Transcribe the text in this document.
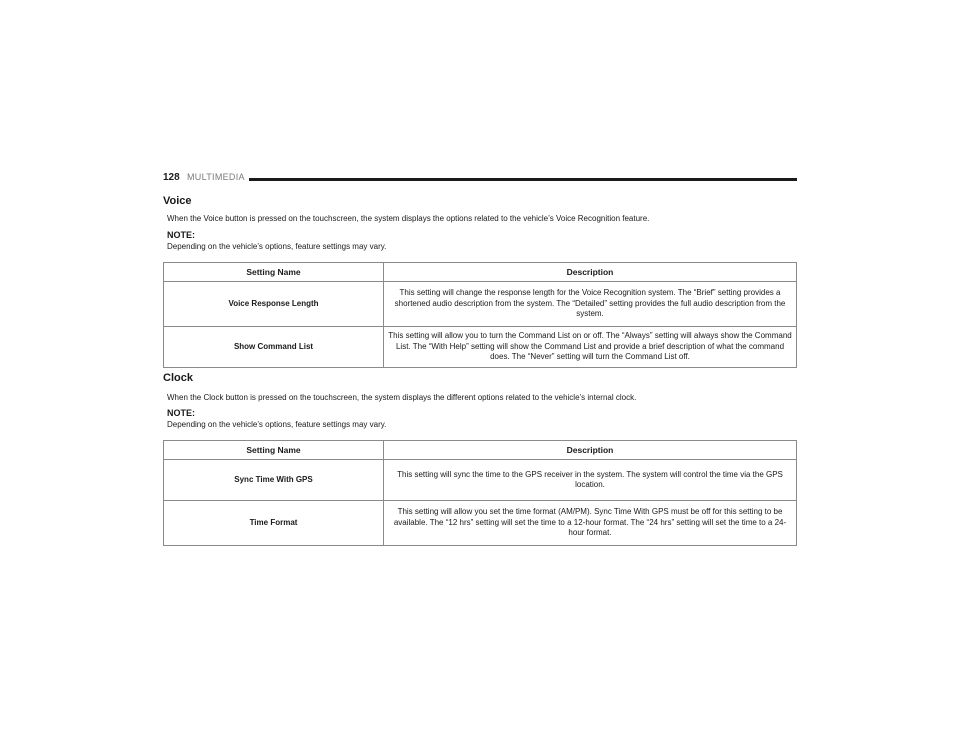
128 MULTIMEDIA
Voice
When the Voice button is pressed on the touchscreen, the system displays the options related to the vehicle’s Voice Recognition feature.
NOTE:
Depending on the vehicle’s options, feature settings may vary.
Setting Name	Description
Voice Response Length	This setting will change the response length for the Voice Recognition system. The “Brief” setting provides a shortened audio description from the system. The “Detailed” setting provides the full audio description from the system.
Show Command List	This setting will allow you to turn the Command List on or off. The “Always” setting will always show the Command List. The “With Help” setting will show the Command List and provide a brief description of what the command does. The “Never” setting will turn the Command List off.
Clock
When the Clock button is pressed on the touchscreen, the system displays the different options related to the vehicle’s internal clock.
NOTE:
Depending on the vehicle’s options, feature settings may vary.
Setting Name	Description
Sync Time With GPS	This setting will sync the time to the GPS receiver in the system. The system will control the time via the GPS location.
Time Format	This setting will allow you set the time format (AM/PM). Sync Time With GPS must be off for this setting to be available. The “12 hrs” setting will set the time to a 12-hour format. The “24 hrs” setting will set the time to a 24-hour format.
